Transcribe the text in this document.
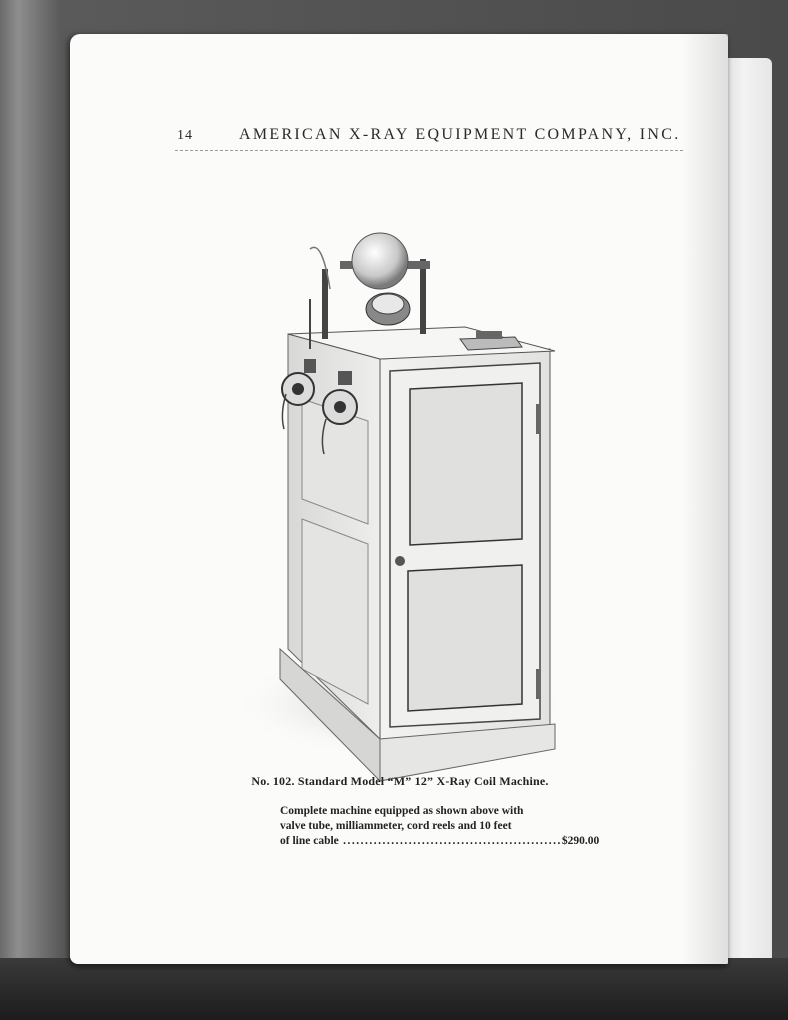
14	AMERICAN X-RAY EQUIPMENT COMPANY, INC.
No. 102. Standard Model “M” 12” X-Ray Coil Machine.
Complete machine equipped as shown above with
valve tube, milliammeter, cord reels and 10 feet
of line cable .................................................. $290.00
